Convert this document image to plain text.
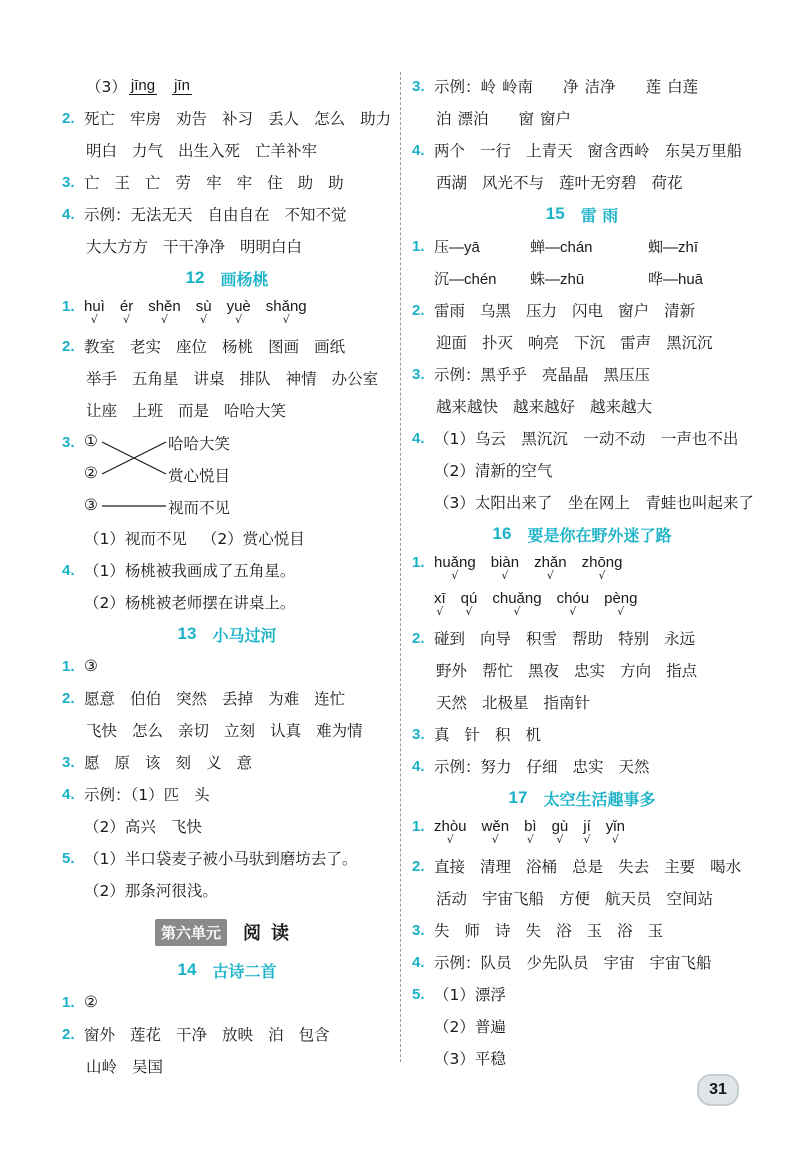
（3） jīng jīn
2. 死亡 牢房 劝告 补习 丢人 怎么 助力
明白 力气 出生入死 亡羊补牢
3. 亡 王 亡 劳 牢 牢 住 助 助
4. 示例：无法无天 自由自在 不知不觉
大大方方 干干净净 明明白白
12 画杨桃
1. huì
√
ér
√
shěn
√
sù
√
yuè
√
shǎng
√
2. 教室 老实 座位 杨桃 图画 画纸
举手 五角星 讲桌 排队 神情 办公室
让座 上班 而是 哈哈大笑
3. ①
②
③
哈哈大笑
赏心悦目
视而不见
（1）视而不见 （2）赏心悦目
4. （1）杨桃被我画成了五角星。
（2）杨桃被老师摆在讲桌上。
13 小马过河
1. ③
2. 愿意 伯伯 突然 丢掉 为难 连忙
飞快 怎么 亲切 立刻 认真 难为情
3. 愿 原 该 刻 义 意
4. 示例：（1）匹 头
（2）高兴 飞快
5. （1）半口袋麦子被小马驮到磨坊去了。
（2）那条河很浅。
第六单元	阅读
14 古诗二首
1. ②
2. 窗外 莲花 干净 放映 泊 包含
山岭 吴国
3. 示例：岭 岭南 净 洁净 莲 白莲
泊 漂泊 窗 窗户
4. 两个 一行 上青天 窗含西岭 东吴万里船
西湖 风光不与 莲叶无穷碧 荷花
15 雷 雨
1. 压—yā	蝉—chán	蜘—zhī
沉—chén	蛛—zhū	哗—huā
2. 雷雨 乌黑 压力 闪电 窗户 清新
迎面 扑灭 响亮 下沉 雷声 黑沉沉
3. 示例：黑乎乎 亮晶晶 黑压压
越来越快 越来越好 越来越大
4. （1）乌云　黑沉沉　一动不动　一声也不出
（2）清新的空气
（3）太阳出来了　坐在网上　青蛙也叫起来了
16 要是你在野外迷了路
1. huǎng
√
biàn
√
zhǎn
√
zhōng
√
xī
√
qú
√
chuǎng
√
chóu
√
pèng
√
2. 碰到 向导 积雪 帮助 特别 永远
野外 帮忙 黑夜 忠实 方向 指点
天然 北极星 指南针
3. 真 针 积 机
4. 示例：努力 仔细 忠实 天然
17 太空生活趣事多
1. zhòu
√
wěn
√
bì
√
gù
√
jí
√
yǐn
√
2. 直接 清理 浴桶 总是 失去 主要 喝水
活动 宇宙飞船 方便 航天员 空间站
3. 失 师 诗 失 浴 玉 浴 玉
4. 示例：队员 少先队员 宇宙 宇宙飞船
5. （1）漂浮
（2）普遍
（3）平稳
31
